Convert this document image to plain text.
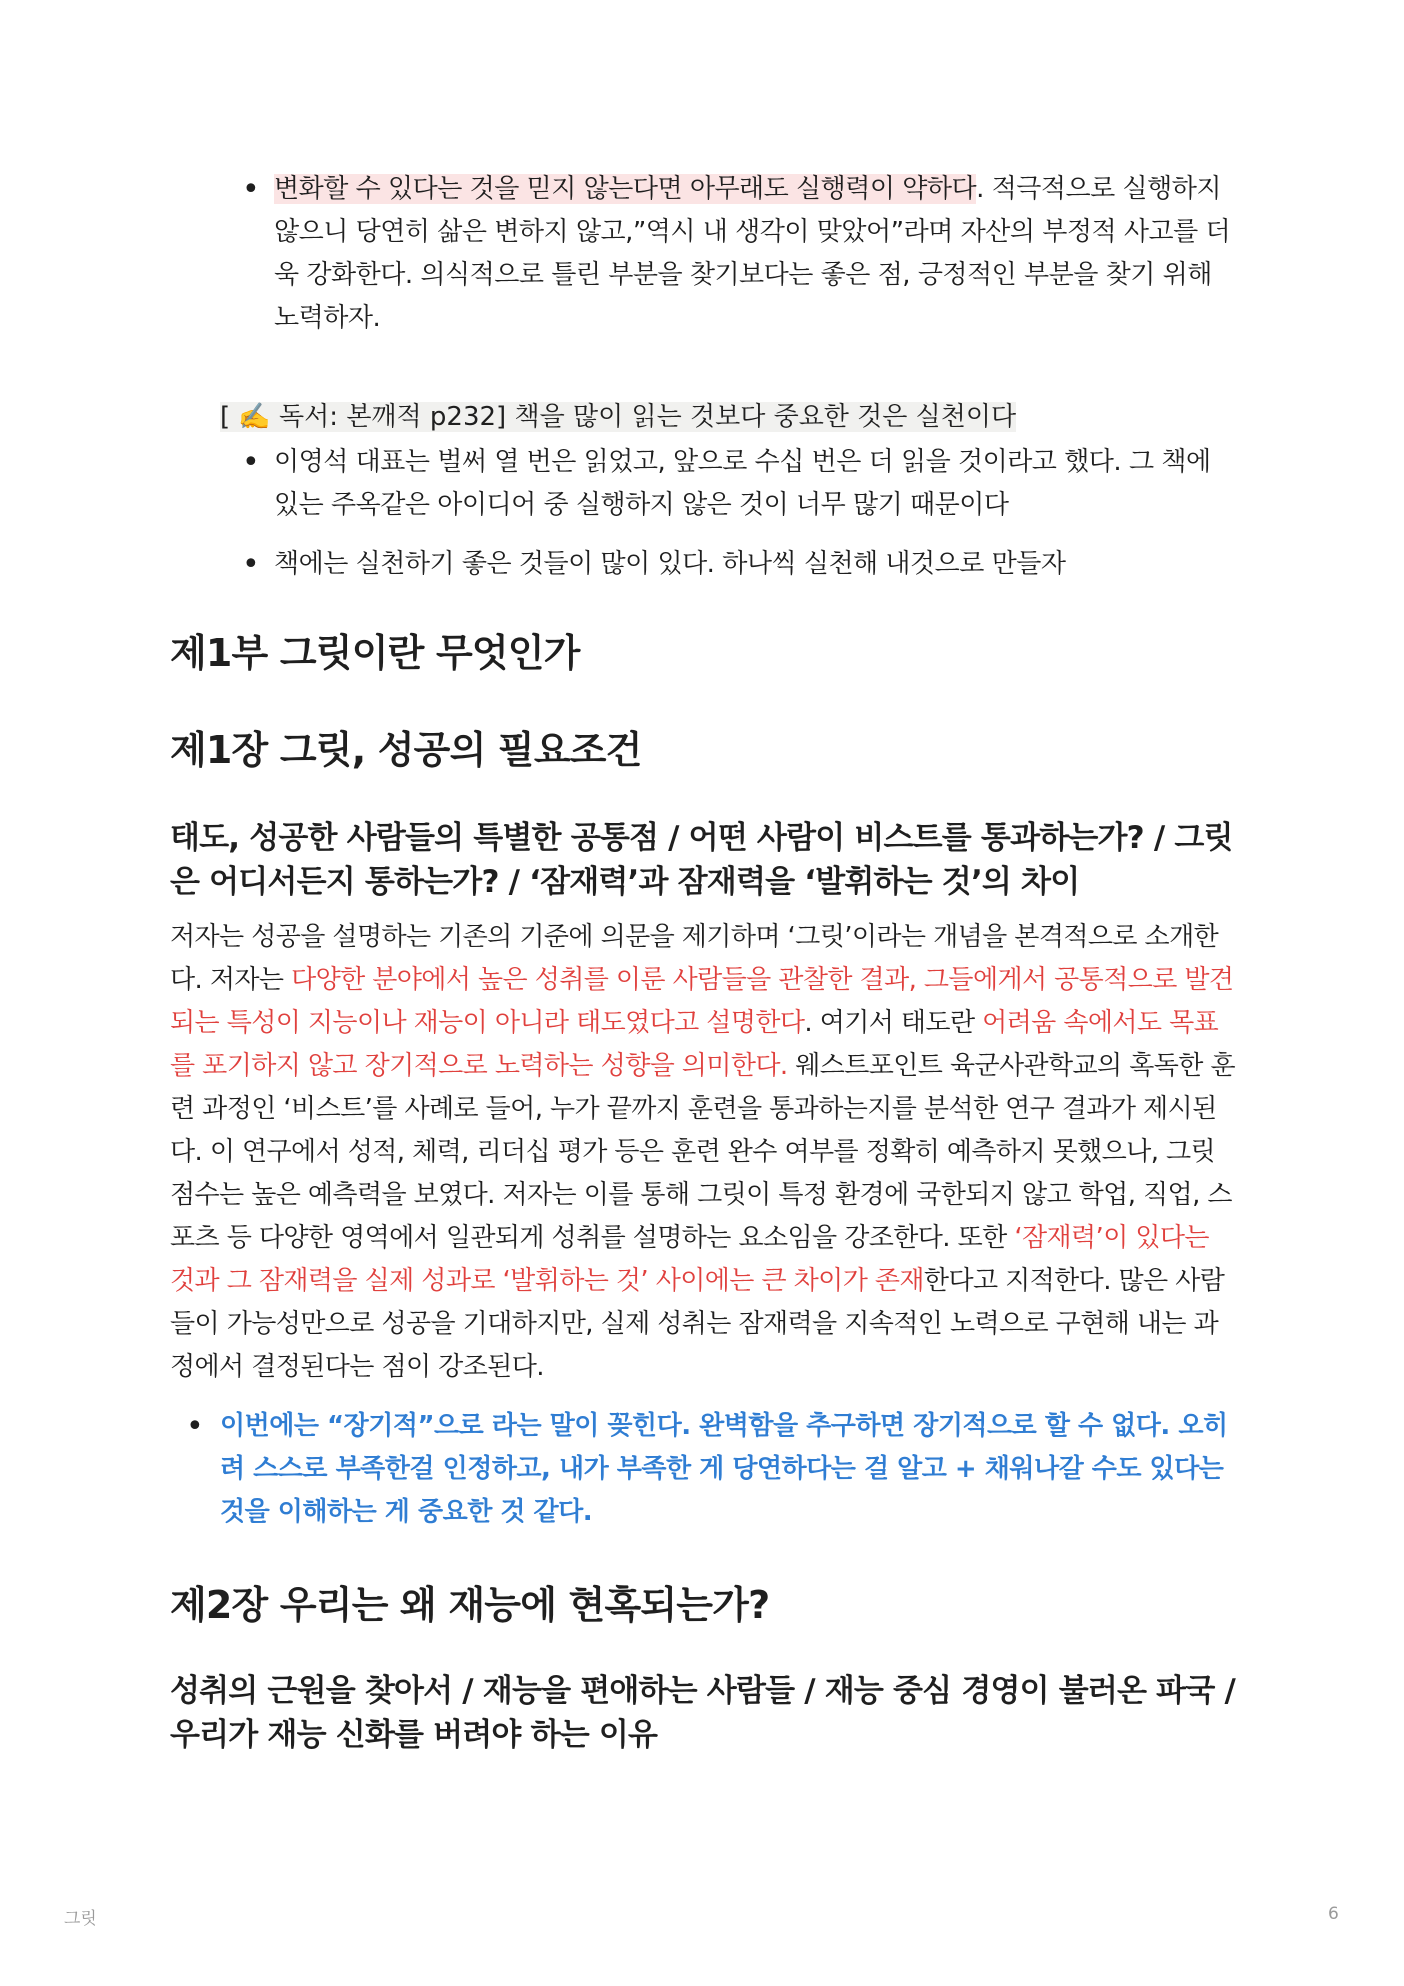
• 변화할 수 있다는 것을 믿지 않는다면 아무래도 실행력이 약하다. 적극적으로 실행하지 않으니 당연히 삶은 변하지 않고,”역시 내 생각이 맞았어”라며 자산의 부정적 사고를 더욱 강화한다. 의식적으로 틀린 부분을 찾기보다는 좋은 점, 긍정적인 부분을 찾기 위해 노력하자.
[ ✍️ 독서: 본깨적 p232] 책을 많이 읽는 것보다 중요한 것은 실천이다
• 이영석 대표는 벌써 열 번은 읽었고, 앞으로 수십 번은 더 읽을 것이라고 했다. 그 책에 있는 주옥같은 아이디어 중 실행하지 않은 것이 너무 많기 때문이다
• 책에는 실천하기 좋은 것들이 많이 있다. 하나씩 실천해 내것으로 만들자
제1부 그릿이란 무엇인가
제1장 그릿, 성공의 필요조건
태도, 성공한 사람들의 특별한 공통점 / 어떤 사람이 비스트를 통과하는가? / 그릿은 어디서든지 통하는가? / ‘잠재력’과 잠재력을 ‘발휘하는 것’의 차이

저자는 성공을 설명하는 기존의 기준에 의문을 제기하며 ‘그릿’이라는 개념을 본격적으로 소개한다. 저자는 다양한 분야에서 높은 성취를 이룬 사람들을 관찰한 결과, 그들에게서 공통적으로 발견되는 특성이 지능이나 재능이 아니라 태도였다고 설명한다. 여기서 태도란 어려움 속에서도 목표를 포기하지 않고 장기적으로 노력하는 성향을 의미한다. 웨스트포인트 육군사관학교의 혹독한 훈련 과정인 ‘비스트’를 사례로 들어, 누가 끝까지 훈련을 통과하는지를 분석한 연구 결과가 제시된다. 이 연구에서 성적, 체력, 리더십 평가 등은 훈련 완수 여부를 정확히 예측하지 못했으나, 그릿 점수는 높은 예측력을 보였다. 저자는 이를 통해 그릿이 특정 환경에 국한되지 않고 학업, 직업, 스포츠 등 다양한 영역에서 일관되게 성취를 설명하는 요소임을 강조한다. 또한 ‘잠재력’이 있다는 것과 그 잠재력을 실제 성과로 ‘발휘하는 것’ 사이에는 큰 차이가 존재한다고 지적한다. 많은 사람들이 가능성만으로 성공을 기대하지만, 실제 성취는 잠재력을 지속적인 노력으로 구현해 내는 과정에서 결정된다는 점이 강조된다.

• 이번에는 “장기적”으로 라는 말이 꽂힌다. 완벽함을 추구하면 장기적으로 할 수 없다. 오히려 스스로 부족한걸 인정하고, 내가 부족한 게 당연하다는 걸 알고 + 채워나갈 수도 있다는 것을 이해하는 게 중요한 것 같다.
제2장 우리는 왜 재능에 현혹되는가?
성취의 근원을 찾아서 / 재능을 편애하는 사람들 / 재능 중심 경영이 불러온 파국 / 우리가 재능 신화를 버려야 하는 이유
그릿	6
